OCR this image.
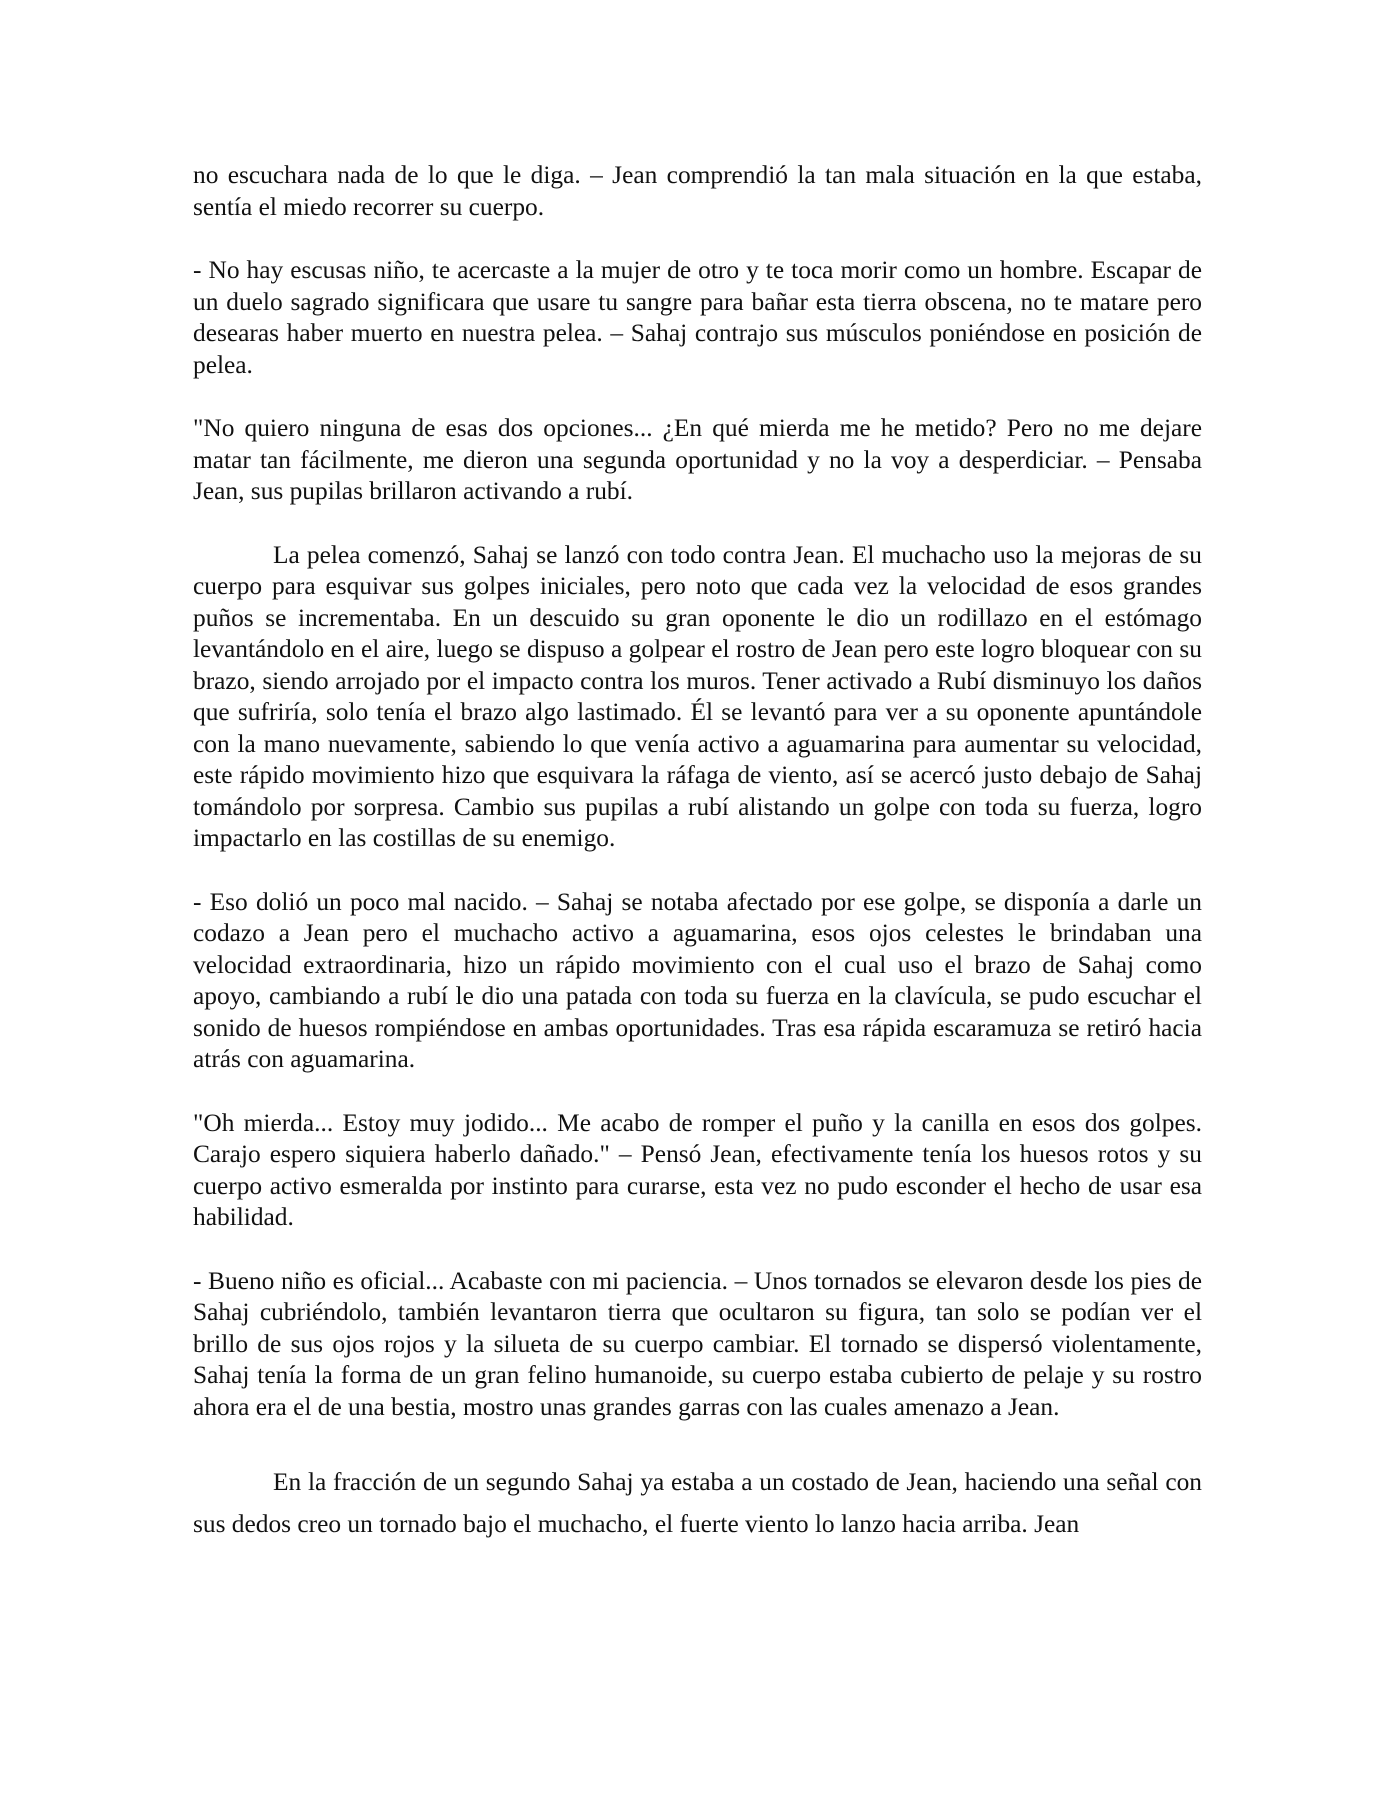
no escuchara nada de lo que le diga. – Jean comprendió la tan mala situación en la que estaba, sentía el miedo recorrer su cuerpo.

- No hay escusas niño, te acercaste a la mujer de otro y te toca morir como un hombre. Escapar de un duelo sagrado significara que usare tu sangre para bañar esta tierra obscena, no te matare pero desearas haber muerto en nuestra pelea. – Sahaj contrajo sus músculos poniéndose en posición de pelea.

"No quiero ninguna de esas dos opciones... ¿En qué mierda me he metido? Pero no me dejare matar tan fácilmente, me dieron una segunda oportunidad y no la voy a desperdiciar. – Pensaba Jean, sus pupilas brillaron activando a rubí.

La pelea comenzó, Sahaj se lanzó con todo contra Jean. El muchacho uso la mejoras de su cuerpo para esquivar sus golpes iniciales, pero noto que cada vez la velocidad de esos grandes puños se incrementaba. En un descuido su gran oponente le dio un rodillazo en el estómago levantándolo en el aire, luego se dispuso a golpear el rostro de Jean pero este logro bloquear con su brazo, siendo arrojado por el impacto contra los muros. Tener activado a Rubí disminuyo los daños que sufriría, solo tenía el brazo algo lastimado. Él se levantó para ver a su oponente apuntándole con la mano nuevamente, sabiendo lo que venía activo a aguamarina para aumentar su velocidad, este rápido movimiento hizo que esquivara la ráfaga de viento, así se acercó justo debajo de Sahaj tomándolo por sorpresa. Cambio sus pupilas a rubí alistando un golpe con toda su fuerza, logro impactarlo en las costillas de su enemigo.

- Eso dolió un poco mal nacido. – Sahaj se notaba afectado por ese golpe, se disponía a darle un codazo a Jean pero el muchacho activo a aguamarina, esos ojos celestes le brindaban una velocidad extraordinaria, hizo un rápido movimiento con el cual uso el brazo de Sahaj como apoyo, cambiando a rubí le dio una patada con toda su fuerza en la clavícula, se pudo escuchar el sonido de huesos rompiéndose en ambas oportunidades. Tras esa rápida escaramuza se retiró hacia atrás con aguamarina.

"Oh mierda... Estoy muy jodido... Me acabo de romper el puño y la canilla en esos dos golpes. Carajo espero siquiera haberlo dañado." – Pensó Jean, efectivamente tenía los huesos rotos y su cuerpo activo esmeralda por instinto para curarse, esta vez no pudo esconder el hecho de usar esa habilidad.

- Bueno niño es oficial... Acabaste con mi paciencia. – Unos tornados se elevaron desde los pies de Sahaj cubriéndolo, también levantaron tierra que ocultaron su figura, tan solo se podían ver el brillo de sus ojos rojos y la silueta de su cuerpo cambiar. El tornado se dispersó violentamente, Sahaj tenía la forma de un gran felino humanoide, su cuerpo estaba cubierto de pelaje y su rostro ahora era el de una bestia, mostro unas grandes garras con las cuales amenazo a Jean.

En la fracción de un segundo Sahaj ya estaba a un costado de Jean, haciendo una señal con sus dedos creo un tornado bajo el muchacho, el fuerte viento lo lanzo hacia arriba. Jean
